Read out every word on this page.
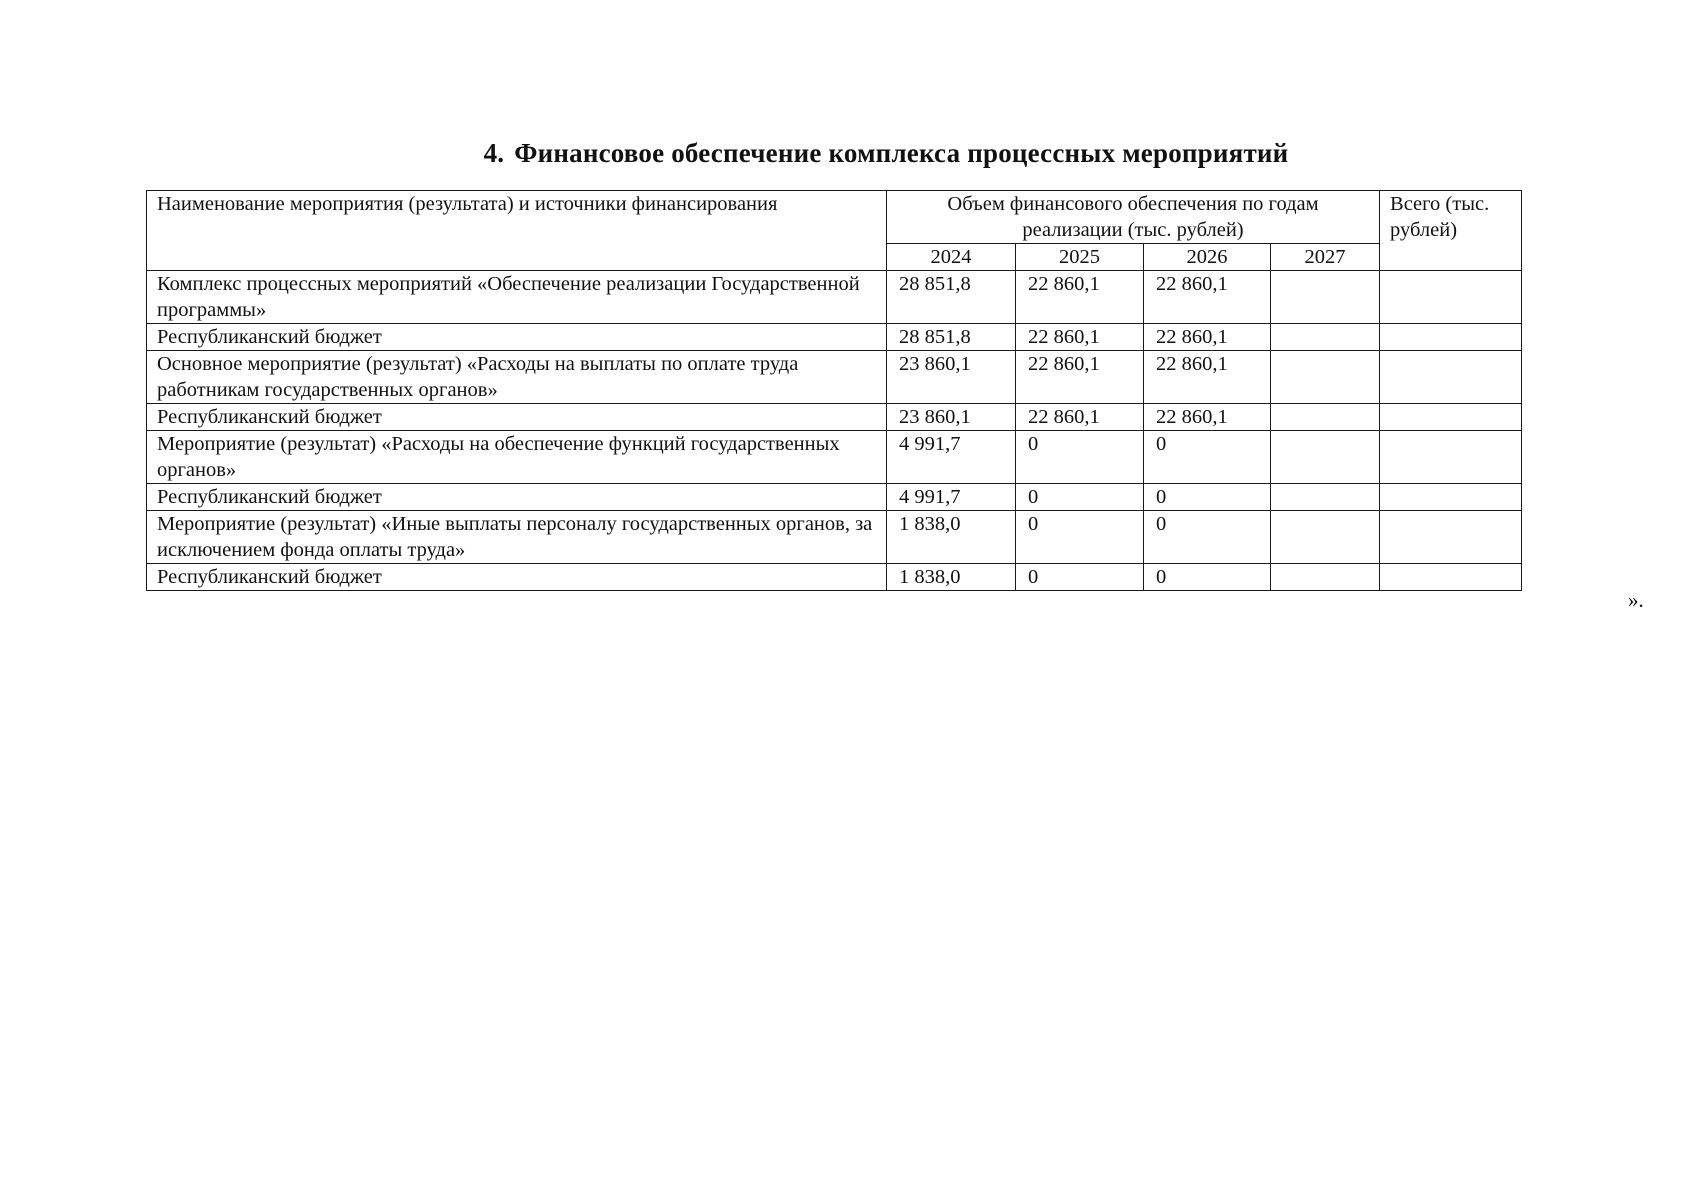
4. Финансовое обеспечение комплекса процессных мероприятий
Наименование мероприятия (результата) и источники финансирования	Объем финансового обеспечения по годам реализации (тыс. рублей)				Всего (тыс. рублей)
	2024	2025	2026	2027	
Комплекс процессных мероприятий «Обеспечение реализации Государственной программы»	28 851,8	22 860,1	22 860,1		
Республиканский бюджет	28 851,8	22 860,1	22 860,1		
Основное мероприятие (результат) «Расходы на выплаты по оплате труда работникам государственных органов»	23 860,1	22 860,1	22 860,1		
Республиканский бюджет	23 860,1	22 860,1	22 860,1		
Мероприятие (результат) «Расходы на обеспечение функций государственных органов»	4 991,7	0	0		
Республиканский бюджет	4 991,7	0	0		
Мероприятие (результат) «Иные выплаты персоналу государственных органов, за исключением фонда оплаты труда»	1 838,0	0	0		
Республиканский бюджет	1 838,0	0	0		
».
